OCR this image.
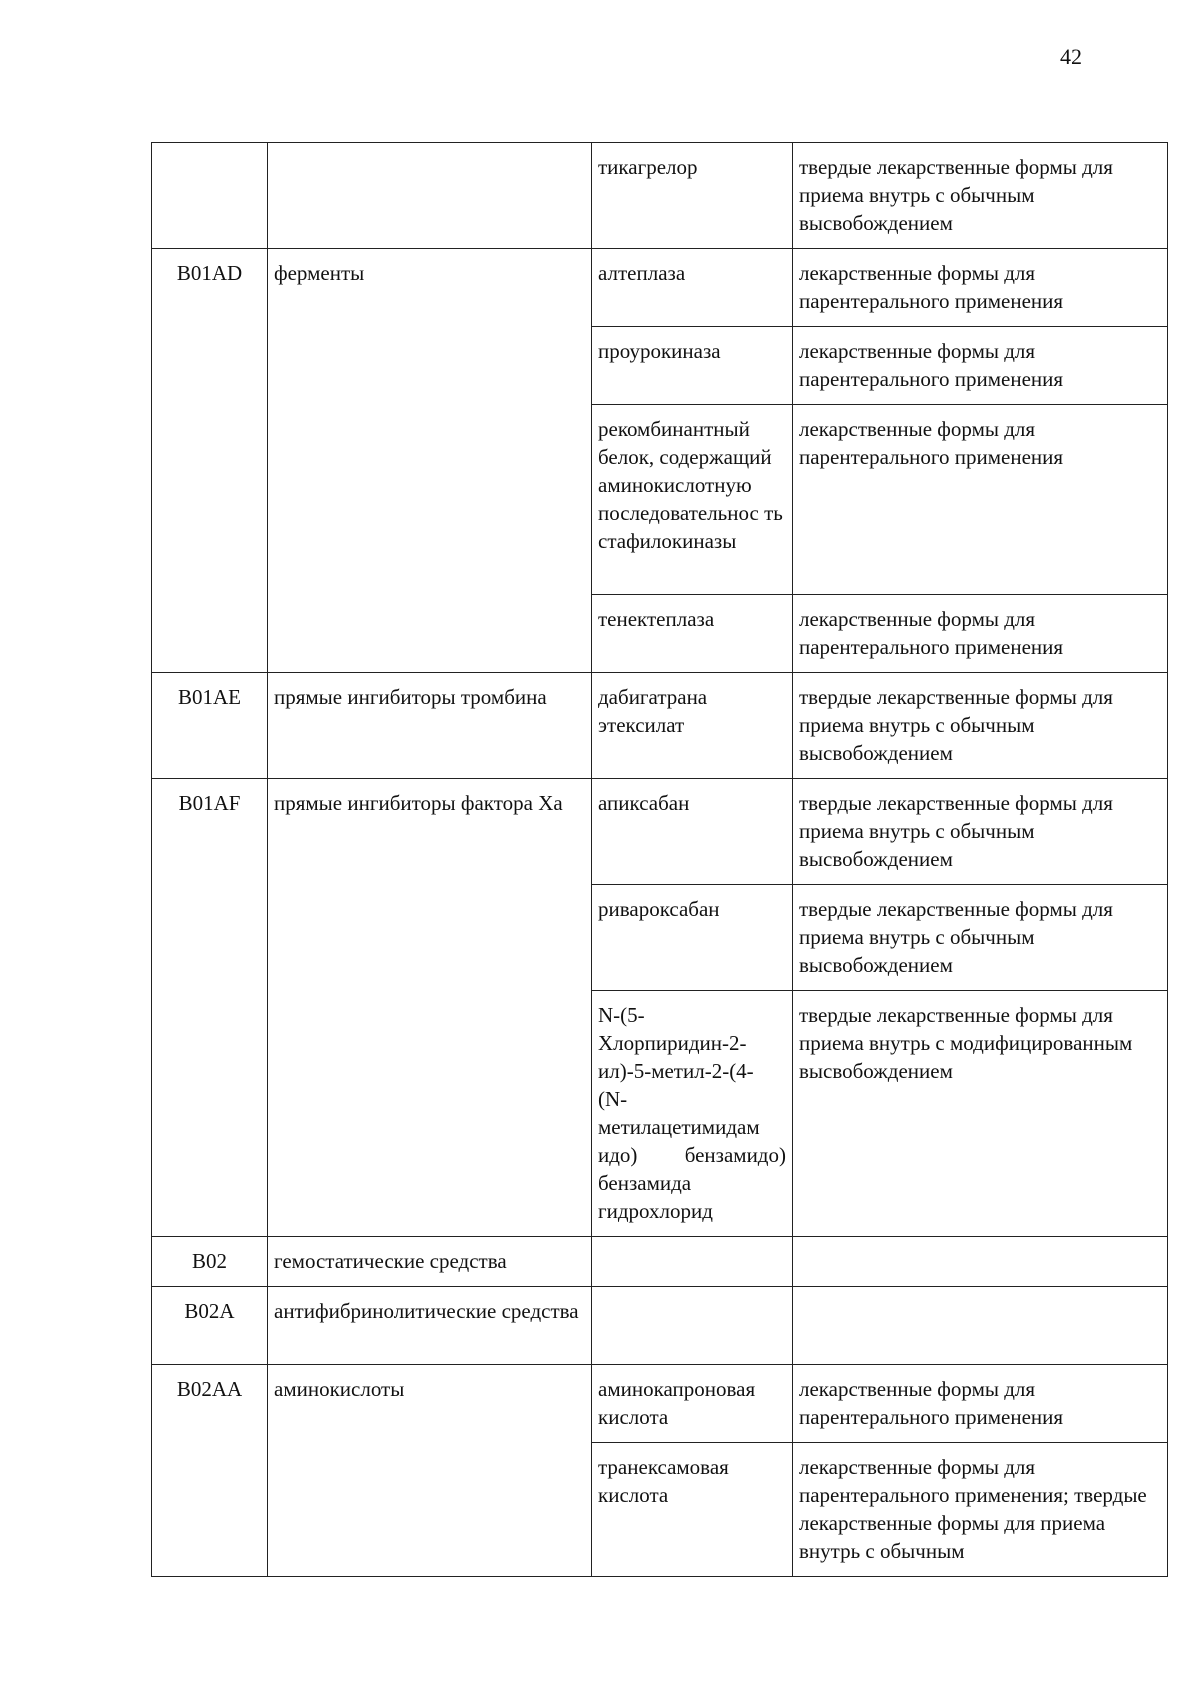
42
		тикагрелор	твердые лекарственные формы для приема внутрь с обычным высвобождением
B01AD	ферменты	алтеплаза	лекарственные формы для парентерального применения
		проурокиназа	лекарственные формы для парентерального применения
		рекомбинантный белок, содержащий аминокислотную последовательнос ть стафилокиназы	лекарственные формы для парентерального применения
		тенектеплаза	лекарственные формы для парентерального применения
B01AE	прямые ингибиторы тромбина	дабигатрана этексилат	твердые лекарственные формы для приема внутрь с обычным высвобождением
B01AF	прямые ингибиторы фактора Xa	апиксабан	твердые лекарственные формы для приема внутрь с обычным высвобождением
		ривароксабан	твердые лекарственные формы для приема внутрь с обычным высвобождением
		N-(5- Хлорпиридин-2- ил)-5-метил-2-(4- (N- метилацетимидам идо) бензамидо) бензамида гидрохлорид	твердые лекарственные формы для приема внутрь с модифицированным высвобождением
B02	гемостатические средства		
B02A	антифибринолитические средства		
B02AA	аминокислоты	аминокапроновая кислота	лекарственные формы для парентерального применения
		транексамовая кислота	лекарственные формы для парентерального применения; твердые лекарственные формы для приема внутрь с обычным
